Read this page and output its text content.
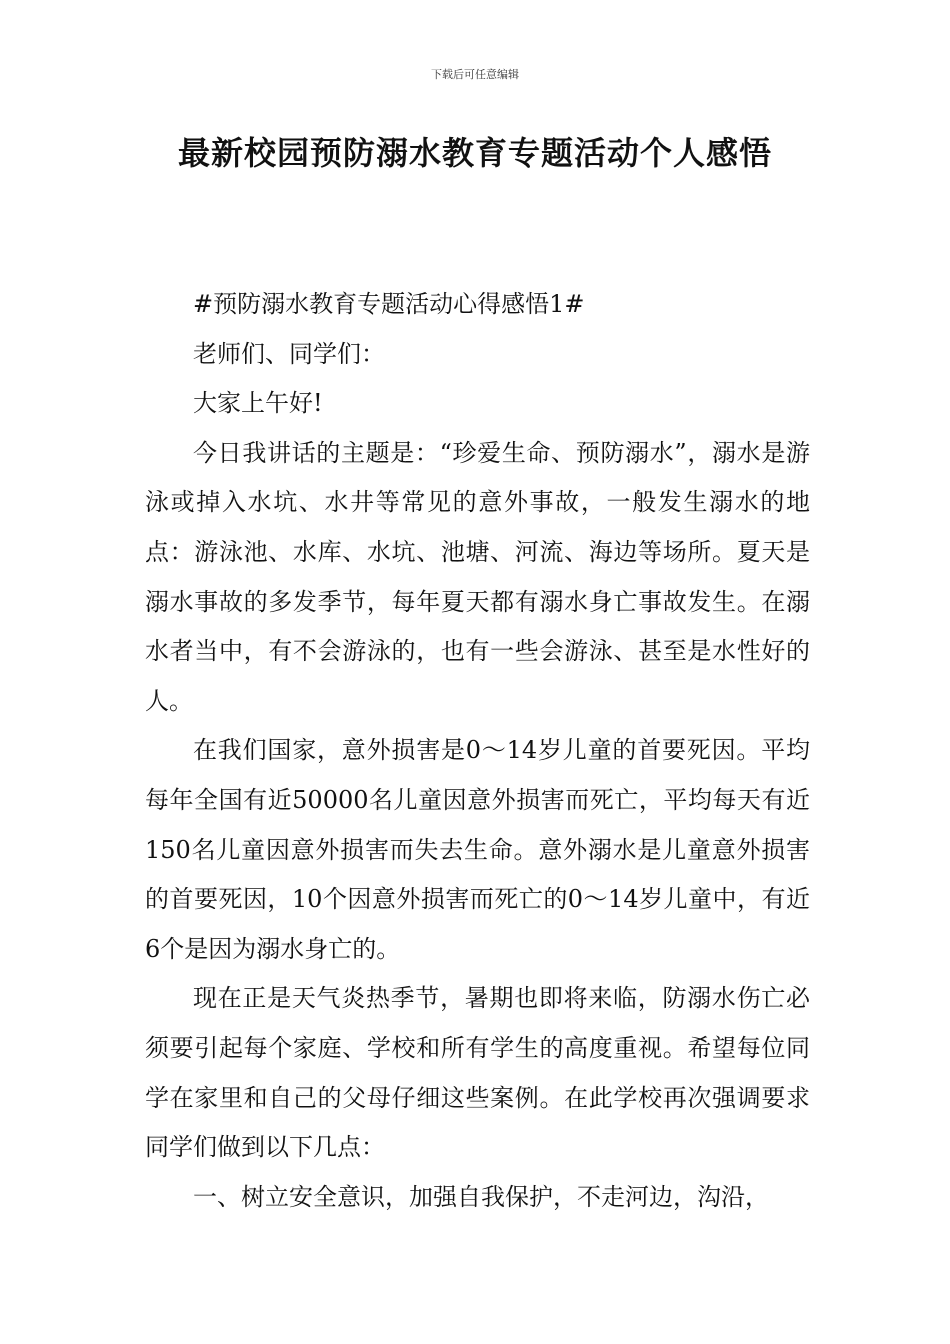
下载后可任意编辑
最新校园预防溺水教育专题活动个人感悟

#预防溺水教育专题活动心得感悟1#

老师们、同学们：

大家上午好!

今日我讲话的主题是：“珍爱生命、预防溺水”，溺水是游泳或掉入水坑、水井等常见的意外事故，一般发生溺水的地点：游泳池、水库、水坑、池塘、河流、海边等场所。夏天是溺水事故的多发季节，每年夏天都有溺水身亡事故发生。在溺水者当中，有不会游泳的，也有一些会游泳、甚至是水性好的人。

在我们国家，意外损害是0～14岁儿童的首要死因。平均每年全国有近50000名儿童因意外损害而死亡，平均每天有近150名儿童因意外损害而失去生命。意外溺水是儿童意外损害的首要死因，10个因意外损害而死亡的0～14岁儿童中，有近6个是因为溺水身亡的。

现在正是天气炎热季节，暑期也即将来临，防溺水伤亡必须要引起每个家庭、学校和所有学生的高度重视。希望每位同学在家里和自己的父母仔细这些案例。在此学校再次强调要求同学们做到以下几点：

一、树立安全意识，加强自我保护，不走河边，沟沿，
